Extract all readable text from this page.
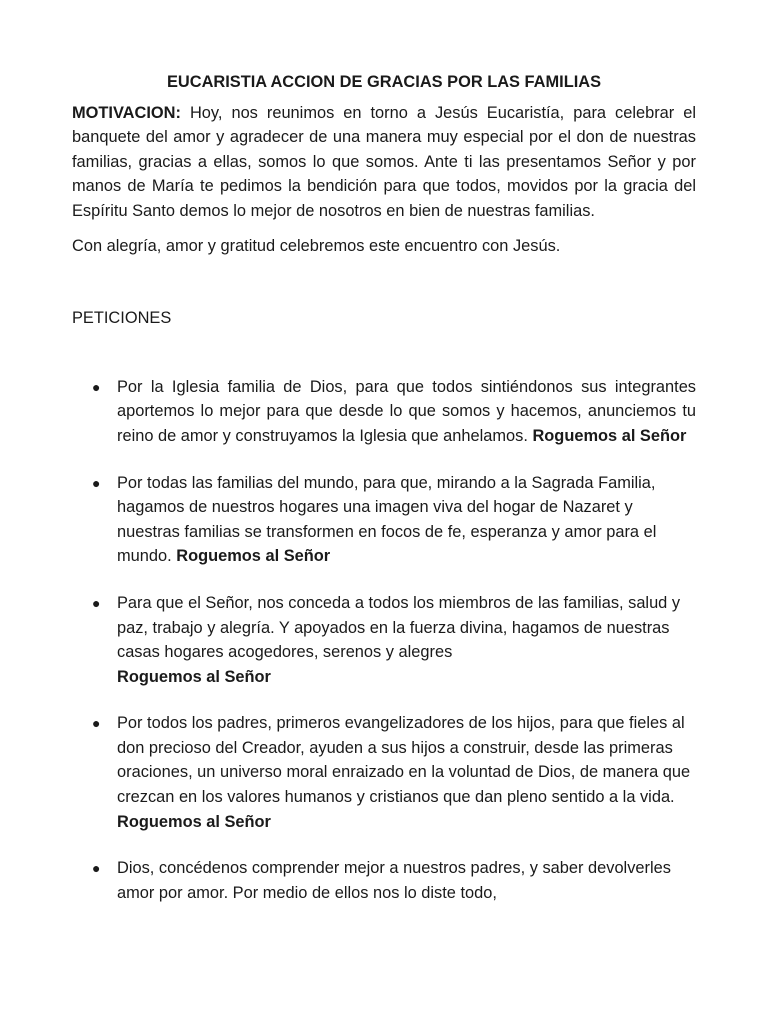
EUCARISTIA ACCION DE GRACIAS POR LAS FAMILIAS

MOTIVACION: Hoy, nos reunimos en torno a Jesús Eucaristía, para celebrar el banquete del amor y agradecer de una manera muy especial por el don de nuestras familias, gracias a ellas, somos lo que somos. Ante ti las presentamos Señor y por manos de María te pedimos la bendición para que todos, movidos por la gracia del Espíritu Santo demos lo mejor de nosotros en bien de nuestras familias.

Con alegría, amor y gratitud celebremos este encuentro con Jesús.

PETICIONES
● Por la Iglesia familia de Dios, para que todos sintiéndonos sus integrantes aportemos lo mejor para que desde lo que somos y hacemos, anunciemos tu reino de amor y construyamos la Iglesia que anhelamos. Roguemos al Señor
● Por todas las familias del mundo, para que, mirando a la Sagrada Familia, hagamos de nuestros hogares una imagen viva del hogar de Nazaret y nuestras familias se transformen en focos de fe, esperanza y amor para el mundo. Roguemos al Señor
● Para que el Señor, nos conceda a todos los miembros de las familias, salud y paz, trabajo y alegría. Y apoyados en la fuerza divina, hagamos de nuestras casas hogares acogedores, serenos y alegres
Roguemos al Señor
● Por todos los padres, primeros evangelizadores de los hijos, para que fieles al don precioso del Creador, ayuden a sus hijos a construir, desde las primeras oraciones, un universo moral enraizado en la voluntad de Dios, de manera que crezcan en los valores humanos y cristianos que dan pleno sentido a la vida. Roguemos al Señor
● Dios, concédenos comprender mejor a nuestros padres, y saber devolverles amor por amor. Por medio de ellos nos lo diste todo,
